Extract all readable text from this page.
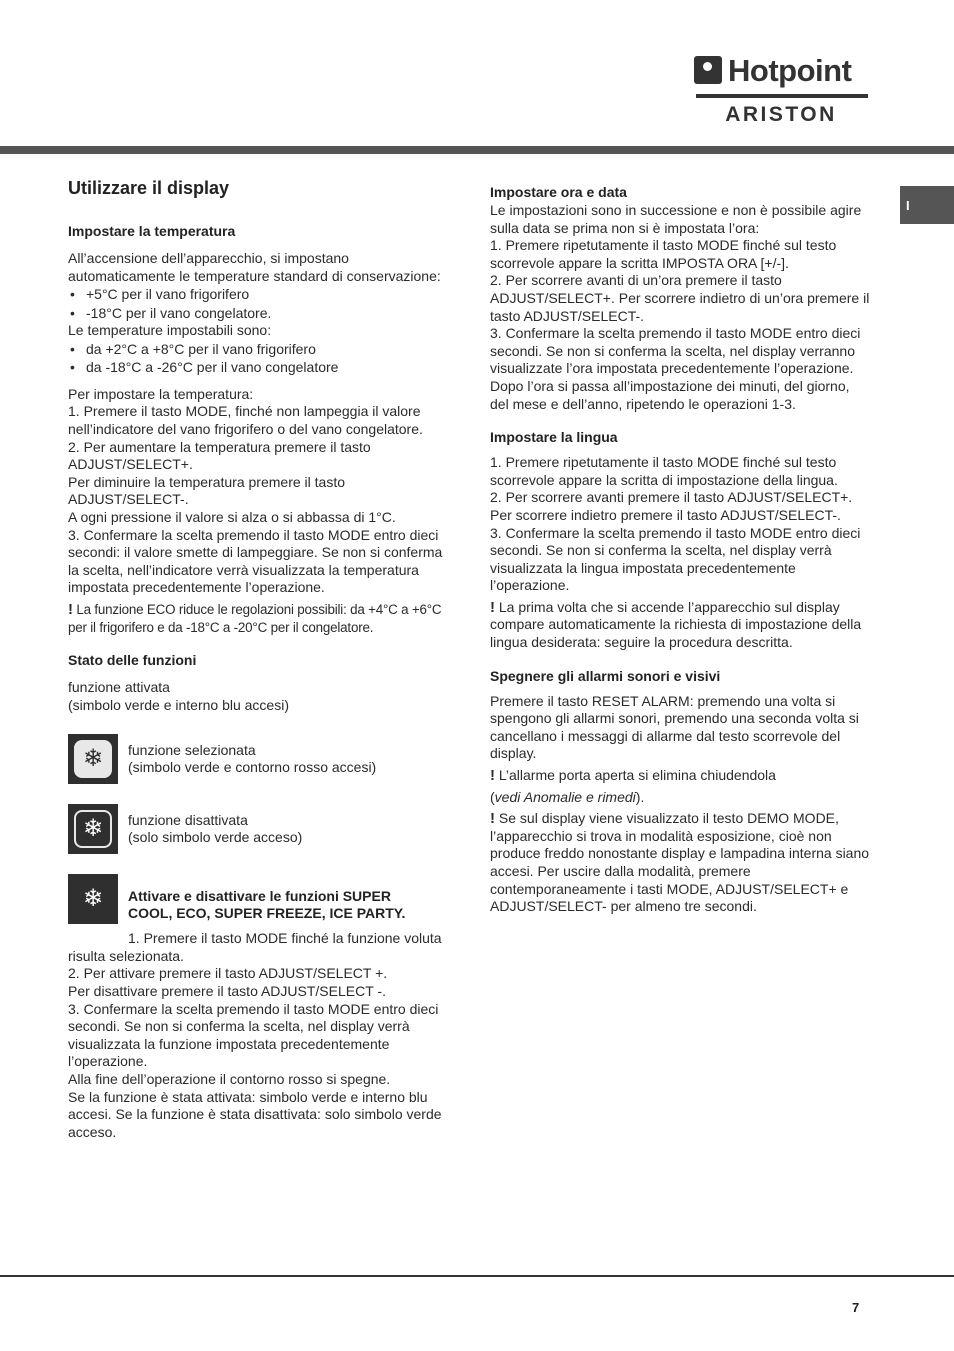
Hotpoint
ARISTON
I
Utilizzare il display
Impostare la temperatura

All’accensione dell’apparecchio, si impostano automaticamente le temperature standard di conservazione:

• +5°C per il vano frigorifero
• -18°C per il vano congelatore.

Le temperature impostabili sono:

• da +2°C a +8°C per il vano frigorifero
• da -18°C a -26°C per il vano congelatore

Per impostare la temperatura:

1. Premere il tasto MODE, finché non lampeggia il valore nell’indicatore del vano frigorifero o del vano congelatore.

2. Per aumentare la temperatura premere il tasto ADJUST/SELECT+.

Per diminuire la temperatura premere il tasto ADJUST/SELECT-.

A ogni pressione il valore si alza o si abbassa di 1°C.

3. Confermare la scelta premendo il tasto MODE entro dieci secondi: il valore smette di lampeggiare. Se non si conferma la scelta, nell’indicatore verrà visualizzata la temperatura impostata precedentemente l’operazione.

! La funzione ECO riduce le regolazioni possibili: da +4°C a +6°C per il frigorifero e da -18°C a -20°C per il congelatore.

Stato delle funzioni

funzione attivata

(simbolo verde e interno blu accesi)

❄ funzione selezionata
(simbolo verde e contorno rosso accesi)
❄ funzione disattivata
(solo simbolo verde acceso)
❄ Attivare e disattivare le funzioni SUPER
COOL, ECO, SUPER FREEZE, ICE PARTY.

1. Premere il tasto MODE finché la funzione voluta risulta selezionata.

2. Per attivare premere il tasto ADJUST/SELECT +.

Per disattivare premere il tasto ADJUST/SELECT -.

3. Confermare la scelta premendo il tasto MODE entro dieci secondi. Se non si conferma la scelta, nel display verrà visualizzata la funzione impostata precedentemente l’operazione.

Alla fine dell’operazione il contorno rosso si spegne.

Se la funzione è stata attivata: simbolo verde e interno blu accesi. Se la funzione è stata disattivata: solo simbolo verde acceso.

Impostare ora e data

Le impostazioni sono in successione e non è possibile agire sulla data se prima non si è impostata l’ora:

1. Premere ripetutamente il tasto MODE finché sul testo scorrevole appare la scritta IMPOSTA ORA [+/-].

2. Per scorrere avanti di un’ora premere il tasto ADJUST/SELECT+. Per scorrere indietro di un’ora premere il tasto ADJUST/SELECT-.

3. Confermare la scelta premendo il tasto MODE entro dieci secondi. Se non si conferma la scelta, nel display verranno visualizzate l’ora impostata precedentemente l’operazione.

Dopo l’ora si passa all’impostazione dei minuti, del giorno, del mese e dell’anno, ripetendo le operazioni 1-3.

Impostare la lingua

1. Premere ripetutamente il tasto MODE finché sul testo scorrevole appare la scritta di impostazione della lingua.

2. Per scorrere avanti premere il tasto ADJUST/SELECT+.

Per scorrere indietro premere il tasto ADJUST/SELECT-.

3. Confermare la scelta premendo il tasto MODE entro dieci secondi. Se non si conferma la scelta, nel display verrà visualizzata la lingua impostata precedentemente l’operazione.

! La prima volta che si accende l’apparecchio sul display compare automaticamente la richiesta di impostazione della lingua desiderata: seguire la procedura descritta.

Spegnere gli allarmi sonori e visivi

Premere il tasto RESET ALARM: premendo una volta si spengono gli allarmi sonori, premendo una seconda volta si cancellano i messaggi di allarme dal testo scorrevole del display.

! L’allarme porta aperta si elimina chiudendola

(vedi Anomalie e rimedi).

! Se sul display viene visualizzato il testo DEMO MODE, l’apparecchio si trova in modalità esposizione, cioè non produce freddo nonostante display e lampadina interna siano accesi. Per uscire dalla modalità, premere contemporaneamente i tasti MODE, ADJUST/SELECT+ e ADJUST/SELECT- per almeno tre secondi.

7
